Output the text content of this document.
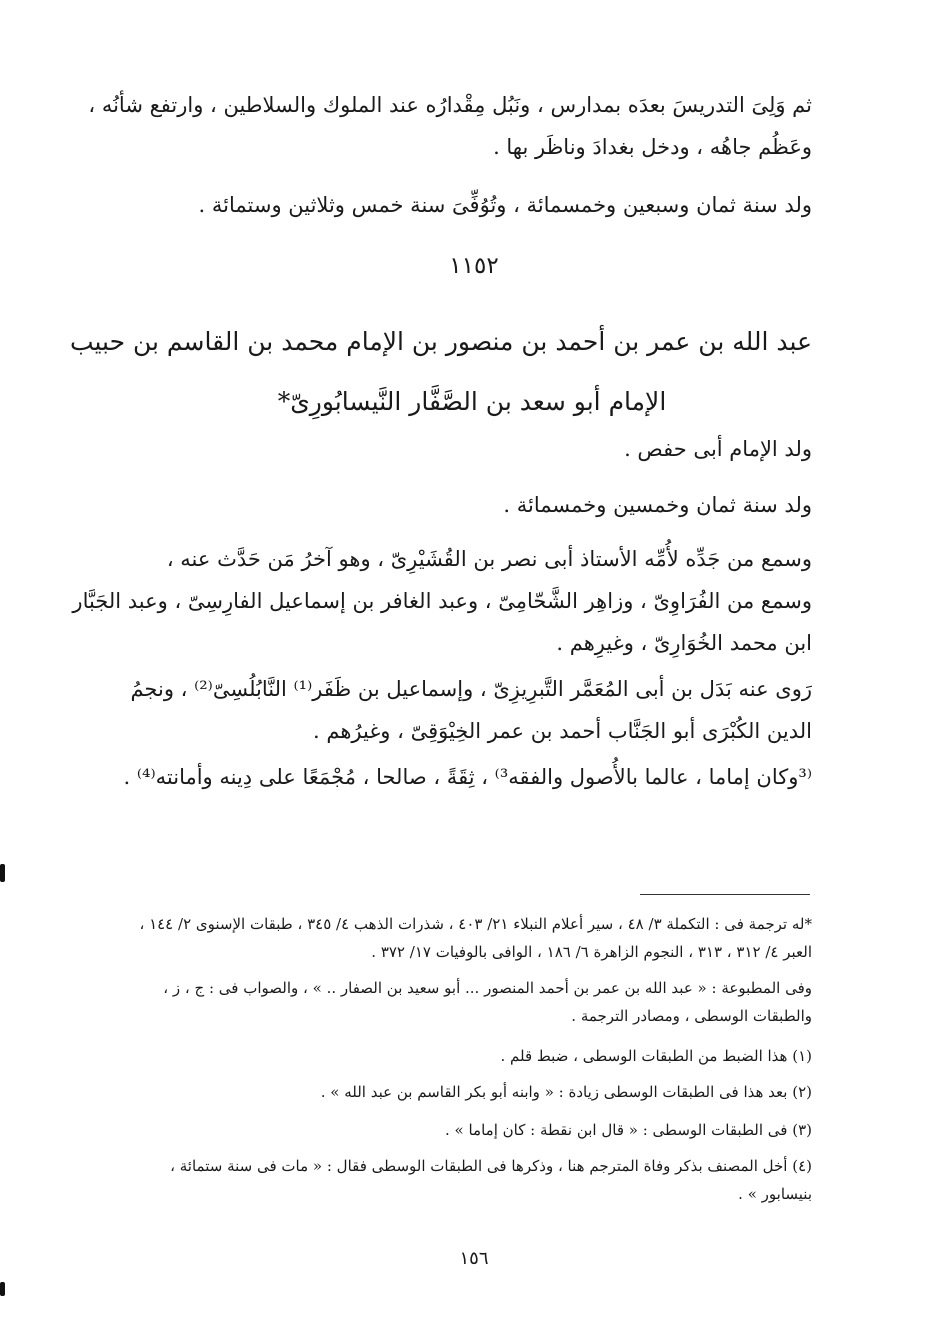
ثم وَلِىَ التدريسَ بعدَه بمدارس ، ونَبُل مِقْدارُه عند الملوك والسلاطين ، وارتفع شأنُه ،
وعَظُم جاهُه ، ودخل بغدادَ وناظَر بها .
ولد سنة ثمان وسبعين وخمسمائة ، وتُوُفِّىَ سنة خمس وثلاثين وستمائة .
١١٥٢
عبد الله بن عمر بن أحمد بن منصور بن الإمام محمد بن القاسم بن حبيب
الإمام أبو سعد بن الصَّفَّار النَّيسابُورِىّ*
ولد الإمام أبى حفص .
ولد سنة ثمان وخمسين وخمسمائة .
وسمع من جَدِّه لأُمِّه الأستاذ أبى نصر بن القُشَيْرِىّ ، وهو آخرُ مَن حَدَّث عنه ،
وسمع من الفُرَاوِىّ ، وزاهِر الشَّحّامِىّ ، وعبد الغافر بن إسماعيل الفارِسِىّ ، وعبد الجَبَّار
ابن محمد الخُوَارِىّ ، وغيرِهم .
رَوى عنه بَدَل بن أبى المُعَمَّر التَّبرِيزِىّ ، وإسماعيل بن ظَفَر⁽¹⁾ النَّابُلُسِىّ⁽²⁾ ، ونجمُ
الدين الكُبْرَى أبو الجَنَّاب أحمد بن عمر الخِيْوَقِىّ ، وغيرُهم .
⁽³وكان إماما ، عالما بالأُصول والفقه³⁾ ، ثِقَةً ، صالحا ، مُجْمَعًا على دِينه وأمانته⁽⁴⁾ .
*له ترجمة فى : التكملة ٣/ ٤٨ ، سير أعلام النبلاء ٢١/ ٤٠٣ ، شذرات الذهب ٤/ ٣٤٥ ، طبقات الإسنوى ٢/ ١٤٤ ،
العبر ٤/ ٣١٢ ، ٣١٣ ، النجوم الزاهرة ٦/ ١٨٦ ، الوافى بالوفيات ١٧/ ٣٧٢ .
وفى المطبوعة : « عبد الله بن عمر بن أحمد المنصور ... أبو سعيد بن الصفار .. » ، والصواب فى : ج ، ز ،
والطبقات الوسطى ، ومصادر الترجمة .
(١) هذا الضبط من الطبقات الوسطى ، ضبط قلم .
(٢) بعد هذا فى الطبقات الوسطى زيادة : « وابنه أبو بكر القاسم بن عبد الله » .
(٣) فى الطبقات الوسطى : « قال ابن نقطة : كان إماما » .
(٤) أخل المصنف بذكر وفاة المترجم هنا ، وذكرها فى الطبقات الوسطى فقال : « مات فى سنة ستمائة ،
بنيسابور » .
١٥٦
